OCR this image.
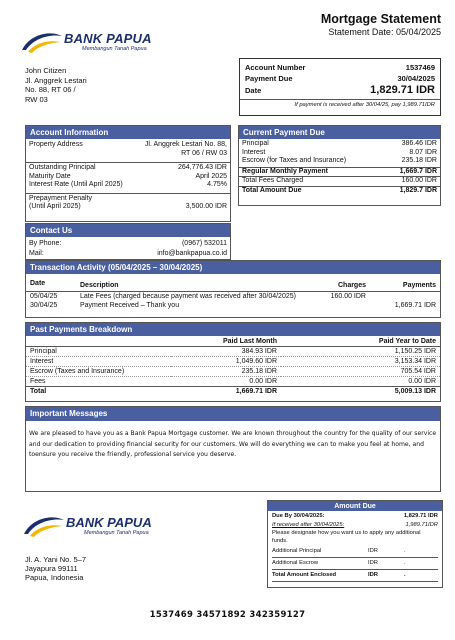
BANK PAPUA
Membangun Tanah Papua
Mortgage Statement
Statement Date: 05/04/2025
John Citizen
Jl. Anggrek Lestari
No. 88, RT 06 /
RW 03
Account Number	1537469
Payment Due	30/04/2025
Date	1,829.71 IDR
If payment is received after 30/04/25, pay 1,989.71IDR
Account Information
Property Address	Jl. Anggrek Lestari No. 88,
RT 06 / RW 03
Outstanding Principal	264,776.43 IDR
Maturity Date	April 2025
Interest Rate (Until April 2025)	4.75%
Prepayment Penalty
(Until April 2025)	3,500.00 IDR
Contact Us
By Phone:	(0967) 532011
Mail:	info@bankpapua.co.id
Current Payment Due
Principal	386.46 IDR
Interest	8.07 IDR
Escrow (for Taxes and Insurance)	235.18 IDR
Regular Monthly Payment	1,669.7 IDR
Total Fees Charged	160.00 IDR
Total Amount Due	1,829.7 IDR
Transaction Activity (05/04/2025 – 30/04/2025)
Date	Description	Charges	Payments
05/04/25	Late Fees (charged because payment was received after 30/04/2025)	160.00 IDR	
30/04/25	Payment Received – Thank you		1,669.71 IDR
Past Payments Breakdown
	Paid Last Month	Paid Year to Date
Principal	384.93 IDR	1,150.25 IDR
Interest	1,049.60 IDR	3,153.34 IDR
Escrow (Taxes and Insurance)	235.18 IDR	705.54 IDR
Fees	0.00 IDR	0.00 IDR
Total	1,669.71 IDR	5,009.13 IDR
Important Messages
We are pleased to have you as a Bank Papua Mortgage customer. We are known throughout the country for the quality of our service and our dedication to providing financial security for our customers. We will do everything we can to make you feel at home, and toensure you receive the friendly, professional service you deserve.
BANK PAPUA
Membangun Tanah Papua
Jl. A. Yani No. 5–7
Jayapura 99111
Papua, Indonesia
Amount Due
Due By 30/04/2025:	1,829.71 IDR
If received after 30/04/2025:	1,989.71IDR
Please designate how you want us to apply any additional funds.
Additional Principal	IDR	.
Additional Escrow	IDR	.
Total Amount Enclosed	IDR	.
1537469 34571892 342359127
